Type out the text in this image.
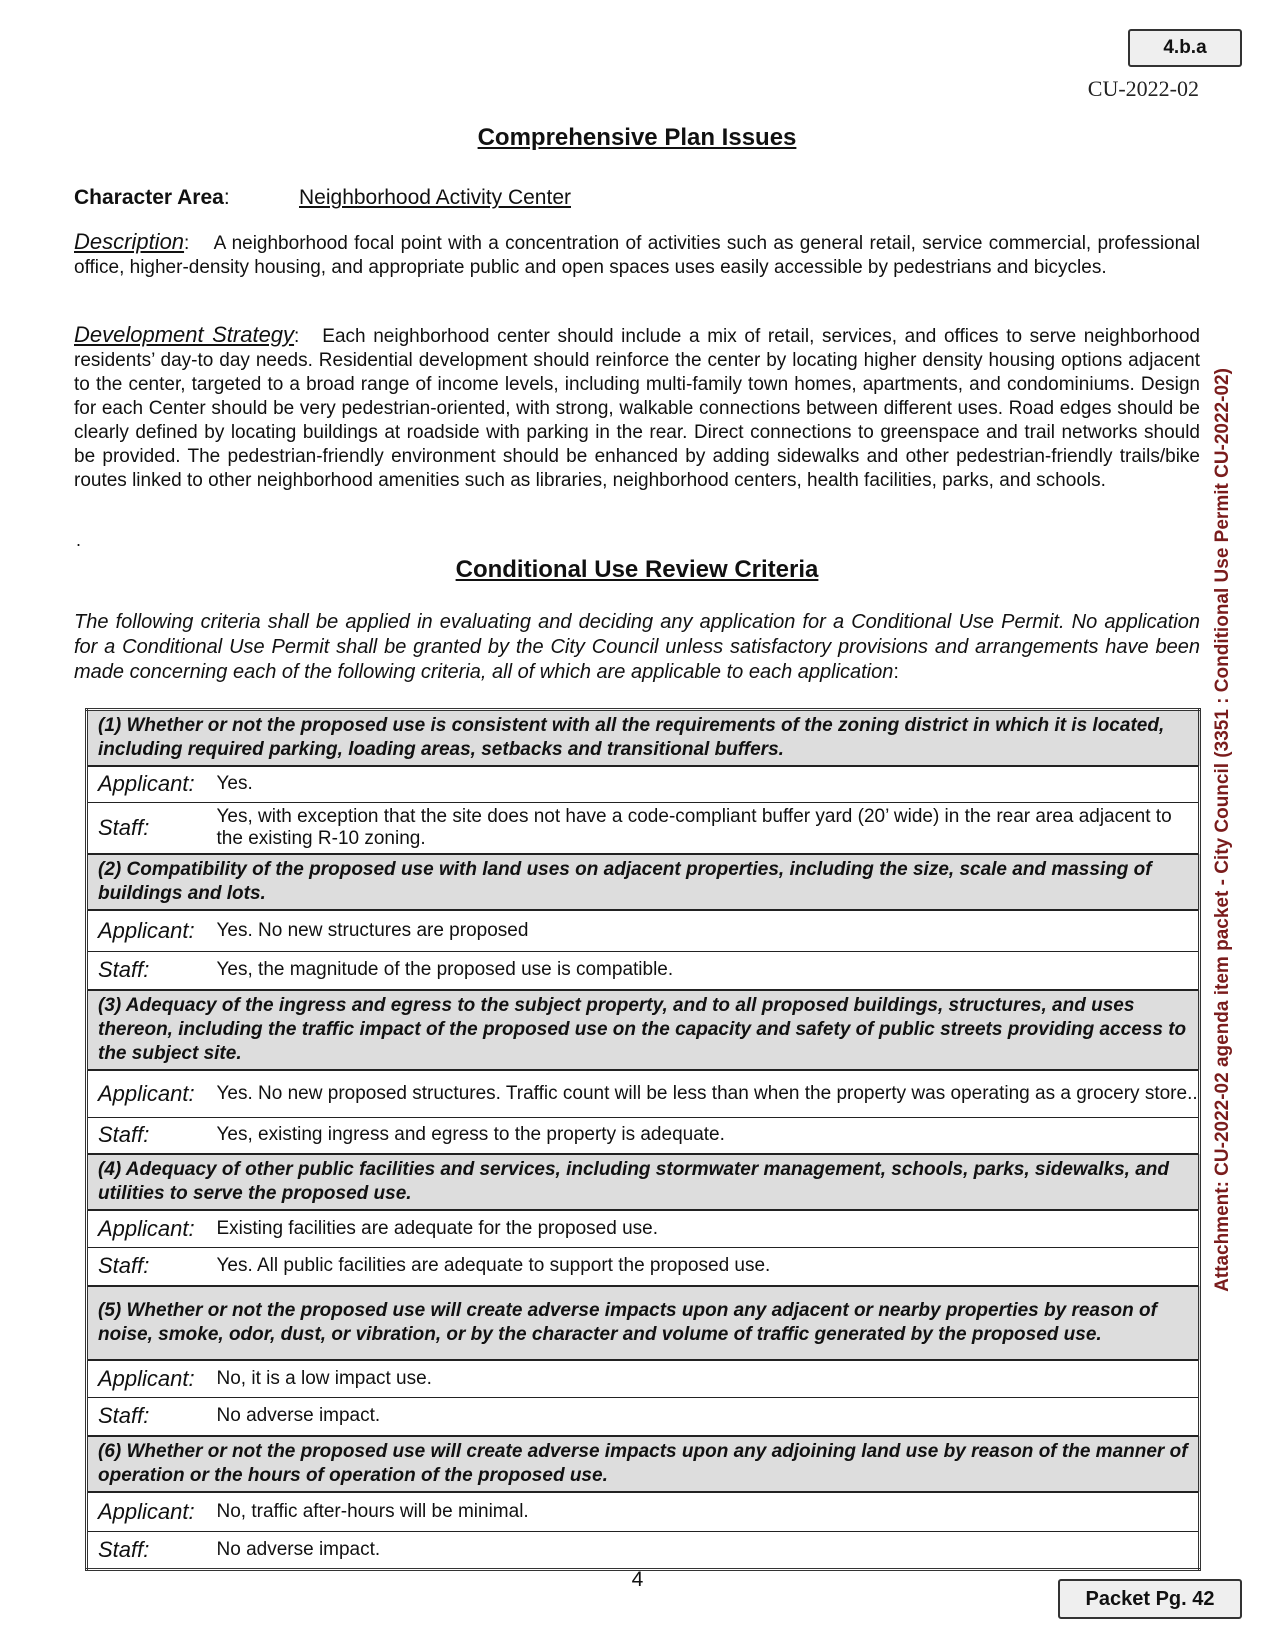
4.b.a
CU-2022-02
Comprehensive Plan Issues
Character Area:	Neighborhood Activity Center
Description:    A neighborhood focal point with a concentration of activities such as general retail, service commercial, professional office, higher-density housing, and appropriate public and open spaces uses easily accessible by pedestrians and bicycles.
Development Strategy:   Each neighborhood center should include a mix of retail, services, and offices to serve neighborhood residents’ day-to day needs. Residential development should reinforce the center by locating higher density housing options adjacent to the center, targeted to a broad range of income levels, including multi-family town homes, apartments, and condominiums. Design for each Center should be very pedestrian-oriented, with strong, walkable connections between different uses. Road edges should be clearly defined by locating buildings at roadside with parking in the rear. Direct connections to greenspace and trail networks should be provided. The pedestrian-friendly environment should be enhanced by adding sidewalks and other pedestrian-friendly trails/bike routes linked to other neighborhood amenities such as libraries, neighborhood centers, health facilities, parks, and schools.
.
Conditional Use Review Criteria
The following criteria shall be applied in evaluating and deciding any application for a Conditional Use Permit. No application for a Conditional Use Permit shall be granted by the City Council unless satisfactory provisions and arrangements have been made concerning each of the following criteria, all of which are applicable to each application:
(1) Whether or not the proposed use is consistent with all the requirements of the zoning district in which it is located, including required parking, loading areas, setbacks and transitional buffers.	
Applicant:	Yes.
Staff:	Yes, with exception that the site does not have a code-compliant buffer yard (20’ wide) in the rear area adjacent to the existing R-10 zoning.
(2) Compatibility of the proposed use with land uses on adjacent properties, including the size, scale and massing of buildings and lots.	
Applicant:	Yes. No new structures are proposed
Staff:	Yes, the magnitude of the proposed use is compatible.
(3) Adequacy of the ingress and egress to the subject property, and to all proposed buildings, structures, and uses thereon, including the traffic impact of the proposed use on the capacity and safety of public streets providing access to the subject site.	
Applicant:	Yes. No new proposed structures. Traffic count will be less than when the property was operating as a grocery store..
Staff:	Yes, existing ingress and egress to the property is adequate.
(4) Adequacy of other public facilities and services, including stormwater management, schools, parks, sidewalks, and utilities to serve the proposed use.	
Applicant:	Existing facilities are adequate for the proposed use.
Staff:	Yes. All public facilities are adequate to support the proposed use.
(5) Whether or not the proposed use will create adverse impacts upon any adjacent or nearby properties by reason of noise, smoke, odor, dust, or vibration, or by the character and volume of traffic generated by the proposed use.	
Applicant:	No, it is a low impact use.
Staff:	No adverse impact.
(6) Whether or not the proposed use will create adverse impacts upon any adjoining land use by reason of the manner of operation or the hours of operation of the proposed use.	
Applicant:	No, traffic after-hours will be minimal.
Staff:	No adverse impact.
Attachment: CU-2022-02 agenda item packet - City Council (3351 : Conditional Use Permit CU-2022-02)
4
Packet Pg. 42
